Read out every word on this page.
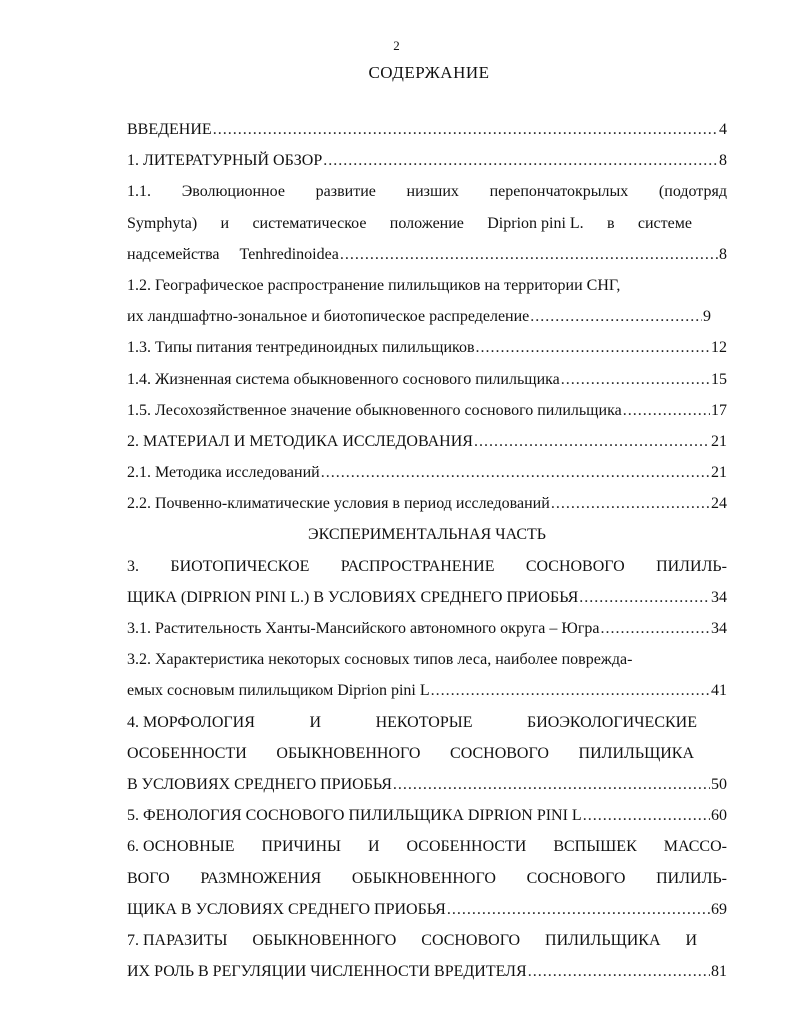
2
СОДЕРЖАНИЕ
ВВЕДЕНИЕ .....	4
1. ЛИТЕРАТУРНЫЙ ОБЗОР .....	8
1.1. Эволюционное развитие низших перепончатокрылых (подотряд
Symphyta) и систематическое положение Diprion pini L. в системе
надсемейства     Tenhredinoidea .....	8
1.2. Географическое распространение пилильщиков на территории СНГ,
их ландшафтно-зональное и биотопическое распределение .....	9
1.3. Типы питания тентрединоидных пилильщиков .....	12
1.4. Жизненная система обыкновенного соснового пилильщика .....	15
1.5. Лесохозяйственное значение обыкновенного соснового пилильщика .....	17
2. МАТЕРИАЛ И МЕТОДИКА ИССЛЕДОВАНИЯ .....	21
2.1. Методика исследований .....	21
2.2. Почвенно-климатические условия в период исследований .....	24
ЭКСПЕРИМЕНТАЛЬНАЯ ЧАСТЬ
3. БИОТОПИЧЕСКОЕ РАСПРОСТРАНЕНИЕ СОСНОВОГО ПИЛИЛЬ-
ЩИКА (DIPRION PINI L.) В УСЛОВИЯХ СРЕДНЕГО ПРИОБЬЯ .....	34
3.1. Растительность Ханты-Мансийского автономного округа – Югра .....	34
3.2. Характеристика некоторых сосновых типов леса, наиболее поврежда-
емых сосновым пилильщиком Diprion pini L .....	41
4. МОРФОЛОГИЯ	И	НЕКОТОРЫЕ	БИОЭКОЛОГИЧЕСКИЕ
ОСОБЕННОСТИ ОБЫКНОВЕННОГО СОСНОВОГО ПИЛИЛЬЩИКА
В УСЛОВИЯХ СРЕДНЕГО ПРИОБЬЯ .....	50
5. ФЕНОЛОГИЯ СОСНОВОГО ПИЛИЛЬЩИКА DIPRION PINI L .....	60
6. ОСНОВНЫЕ ПРИЧИНЫ И ОСОБЕННОСТИ ВСПЫШЕК МАССО-
ВОГО РАЗМНОЖЕНИЯ ОБЫКНОВЕННОГО СОСНОВОГО ПИЛИЛЬ-
ЩИКА В УСЛОВИЯХ СРЕДНЕГО ПРИОБЬЯ .....	69
7. ПАРАЗИТЫ ОБЫКНОВЕННОГО СОСНОВОГО ПИЛИЛЬЩИКА И
ИХ РОЛЬ В РЕГУЛЯЦИИ ЧИСЛЕННОСТИ ВРЕДИТЕЛЯ .....	81
